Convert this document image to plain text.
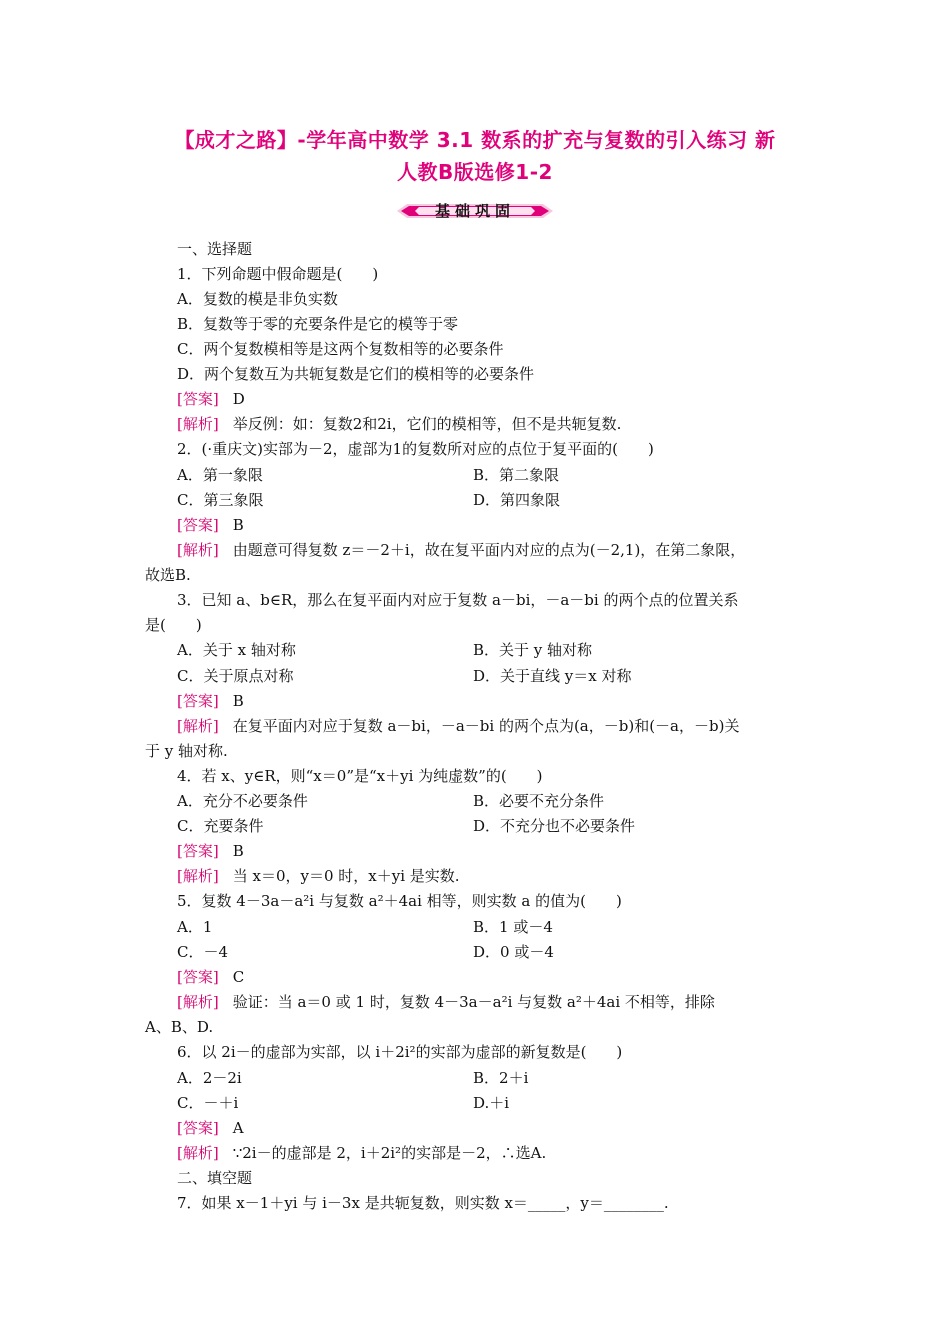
【成才之路】-学年高中数学 3.1 数系的扩充与复数的引入练习 新
人教B版选修1-2
基础巩固
一、选择题
1．下列命题中假命题是(　　)
A．复数的模是非负实数
B．复数等于零的充要条件是它的模等于零
C．两个复数模相等是这两个复数相等的必要条件
D．两个复数互为共轭复数是它们的模相等的必要条件
[答案] D
[解析] 举反例：如：复数2和2i，它们的模相等，但不是共轭复数.
2．(·重庆文)实部为－2，虚部为1的复数所对应的点位于复平面的(　　)
A．第一象限	B．第二象限
C．第三象限	D．第四象限
[答案] B
[解析] 由题意可得复数 z＝－2＋i，故在复平面内对应的点为(－2,1)，在第二象限，
故选B.
3．已知 a、b∈R，那么在复平面内对应于复数 a－bi，－a－bi 的两个点的位置关系
是(　　)
A．关于 x 轴对称	B．关于 y 轴对称
C．关于原点对称	D．关于直线 y＝x 对称
[答案] B
[解析] 在复平面内对应于复数 a－bi，－a－bi 的两个点为(a，－b)和(－a，－b)关
于 y 轴对称.
4．若 x、y∈R，则“x＝0”是“x＋yi 为纯虚数”的(　　)
A．充分不必要条件	B．必要不充分条件
C．充要条件	D．不充分也不必要条件
[答案] B
[解析] 当 x＝0，y＝0 时，x＋yi 是实数.
5．复数 4－3a－a²i 与复数 a²＋4ai 相等，则实数 a 的值为(　　)
A．1	B．1 或－4
C．－4	D．0 或－4
[答案] C
[解析] 验证：当 a＝0 或 1 时，复数 4－3a－a²i 与复数 a²＋4ai 不相等，排除
A、B、D.
6．以 2i－的虚部为实部，以 i＋2i²的实部为虚部的新复数是(　　)
A．2－2i	B．2＋i
C．－＋i	D.＋i
[答案] A
[解析] ∵2i－的虚部是 2，i＋2i²的实部是－2，∴选A.
二、填空题
7．如果 x－1＋yi 与 i－3x 是共轭复数，则实数 x＝_____，y＝________.
